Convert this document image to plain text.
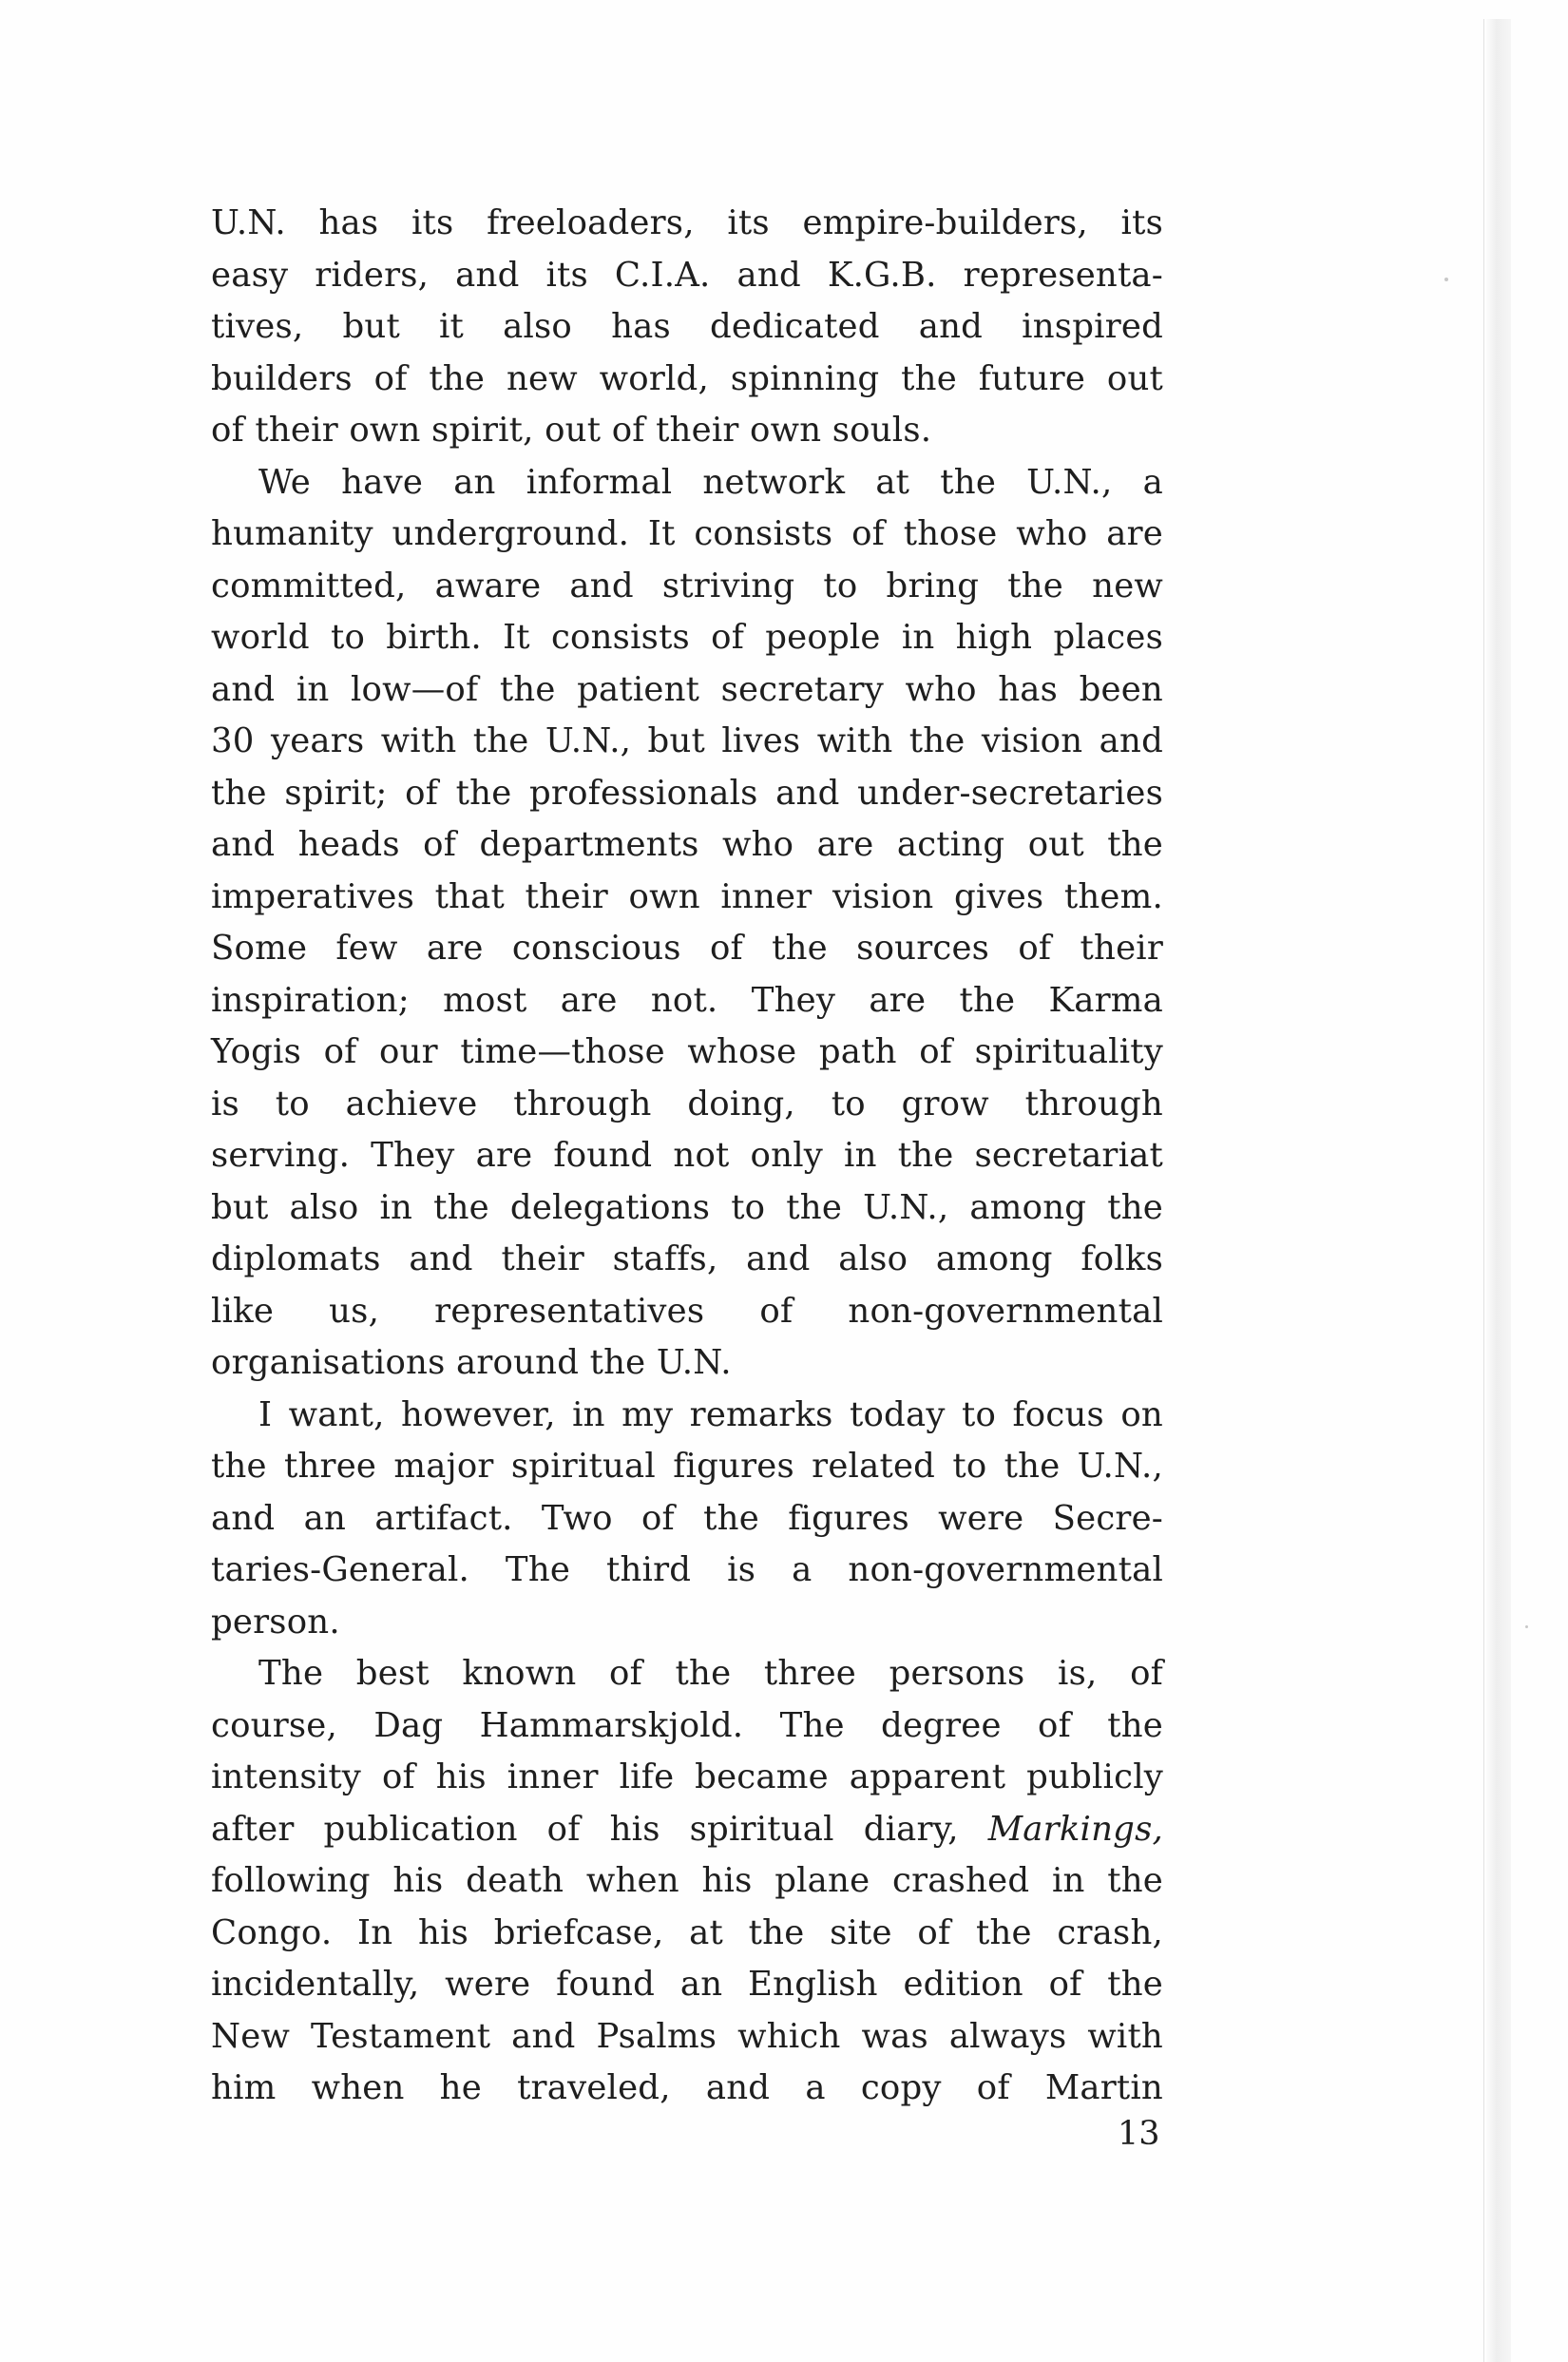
U.N. has its freeloaders, its empire-builders, its
easy riders, and its C.I.A. and K.G.B. representa-
tives, but it also has dedicated and inspired
builders of the new world, spinning the future out
of their own spirit, out of their own souls.

We have an informal network at the U.N., a
humanity underground. It consists of those who are
committed, aware and striving to bring the new
world to birth. It consists of people in high places
and in low—of the patient secretary who has been
30 years with the U.N., but lives with the vision and
the spirit; of the professionals and under-secretaries
and heads of departments who are acting out the
imperatives that their own inner vision gives them.
Some few are conscious of the sources of their
inspiration; most are not. They are the Karma
Yogis of our time—those whose path of spirituality
is to achieve through doing, to grow through
serving. They are found not only in the secretariat
but also in the delegations to the U.N., among the
diplomats and their staffs, and also among folks
like us, representatives of non-governmental
organisations around the U.N.

I want, however, in my remarks today to focus on
the three major spiritual figures related to the U.N.,
and an artifact. Two of the figures were Secre-
taries-General. The third is a non-governmental
person.

The best known of the three persons is, of
course, Dag Hammarskjold. The degree of the
intensity of his inner life became apparent publicly
after publication of his spiritual diary, Markings,
following his death when his plane crashed in the
Congo. In his briefcase, at the site of the crash,
incidentally, were found an English edition of the
New Testament and Psalms which was always with
him when he traveled, and a copy of Martin

13
